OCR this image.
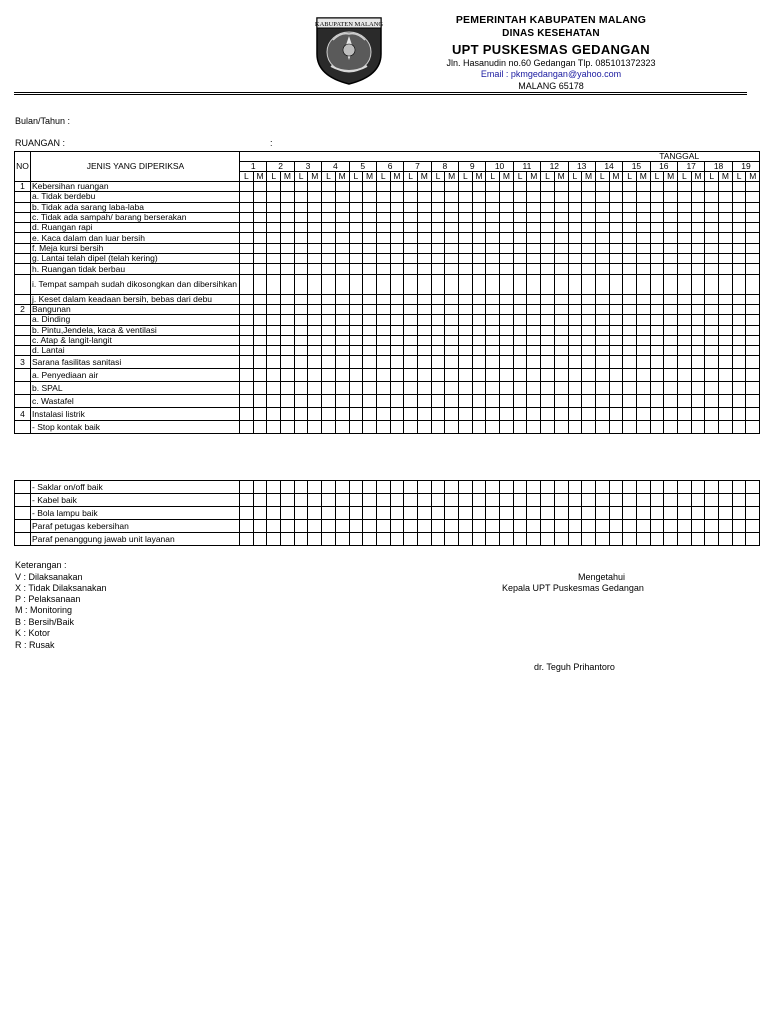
KABUPATEN MALANG	PEMERINTAH KABUPATEN MALANG
DINAS KESEHATAN
UPT PUSKESMAS GEDANGAN
Jln. Hasanudin no.60 Gedangan Tlp. 085101372323
Email : pkmgedangan@yahoo.com
MALANG 65178
Bulan/Tahun :
RUANGAN :	:
NO	JENIS YANG DIPERIKSA	TANGGAL																																					
		1		2		3		4		5		6		7		8		9		10		11		12		13		14		15		16		17		18		19	
		L	M	L	M	L	M	L	M	L	M	L	M	L	M	L	M	L	M	L	M	L	M	L	M	L	M	L	M	L	M	L	M	L	M	L	M	L	M
1	Kebersihan ruangan																																						
	a. Tidak berdebu																																						
	b. Tidak ada sarang laba-laba																																						
	c. Tidak ada sampah/ barang berserakan																																						
	d. Ruangan rapi																																						
	e. Kaca dalam dan luar bersih																																						
	f. Meja kursi bersih																																						
	g. Lantai telah dipel (telah kering)																																						
	h. Ruangan tidak berbau																																						
	i. Tempat sampah sudah dikosongkan dan dibersihkan																																						
	j. Keset dalam keadaan bersih, bebas dari debu																																						
2	Bangunan																																						
	a. Dinding																																						
	b. Pintu,Jendela, kaca & ventilasi																																						
	c. Atap & langit-langit																																						
	d. Lantai																																						
3	Sarana fasilitas sanitasi																																						
	a. Penyediaan air																																						
	b. SPAL																																						
	c. Wastafel																																						
4	Instalasi listrik																																						
	- Stop kontak baik																																						
	- Saklar on/off baik																																						
	- Kabel baik																																						
	- Bola lampu baik																																						
	Paraf petugas kebersihan																																						
	Paraf penanggung jawab unit layanan																																						
Keterangan :
V : Dilaksanakan
X : Tidak Dilaksanakan
P : Pelaksanaan
M : Monitoring
B : Bersih/Baik
K : Kotor
R : Rusak
Mengetahui
Kepala UPT Puskesmas Gedangan
dr. Teguh Prihantoro
